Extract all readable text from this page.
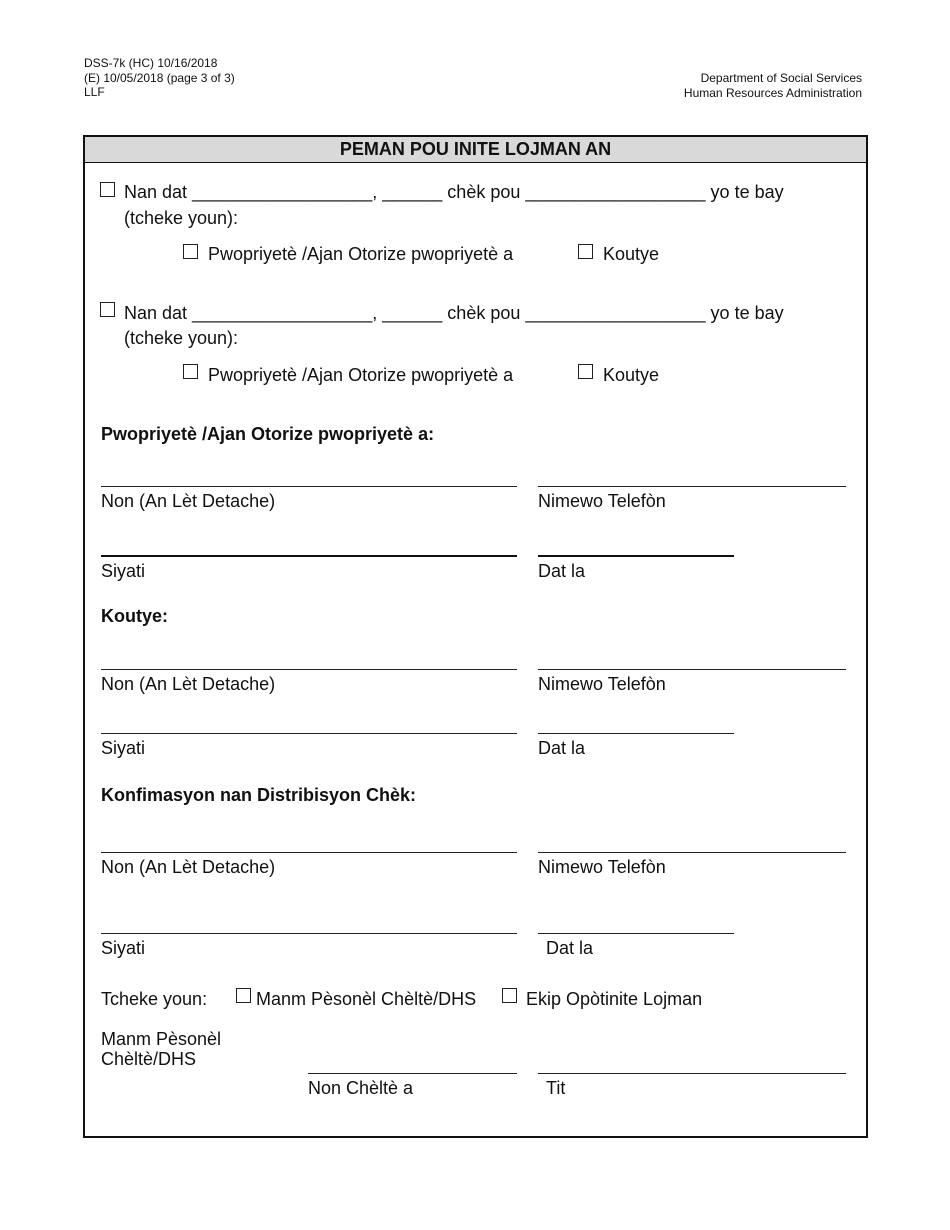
DSS-7k (HC) 10/16/2018
(E) 10/05/2018 (page 3 of 3)
LLF
Department of Social Services
Human Resources Administration
PEMAN POU INITE LOJMAN AN
Nan dat __________________, ______ chèk pou __________________ yo te bay
(tcheke youn):
Pwopriyetè /Ajan Otorize pwopriyetè a	Koutye
Nan dat __________________, ______ chèk pou __________________ yo te bay
(tcheke youn):
Pwopriyetè /Ajan Otorize pwopriyetè a	Koutye
Pwopriyetè /Ajan Otorize pwopriyetè a:
Non (An Lèt Detache)	Nimewo Telefòn
Siyati	Dat la
Koutye:
Non (An Lèt Detache)	Nimewo Telefòn
Siyati	Dat la
Konfimasyon nan Distribisyon Chèk:
Non (An Lèt Detache)	Nimewo Telefòn
Siyati	Dat la
Tcheke youn:	Manm Pèsonèl Chèltè/DHS	Ekip Opòtinite Lojman
Manm Pèsonèl
Chèltè/DHS
Non Chèltè a	Tit
